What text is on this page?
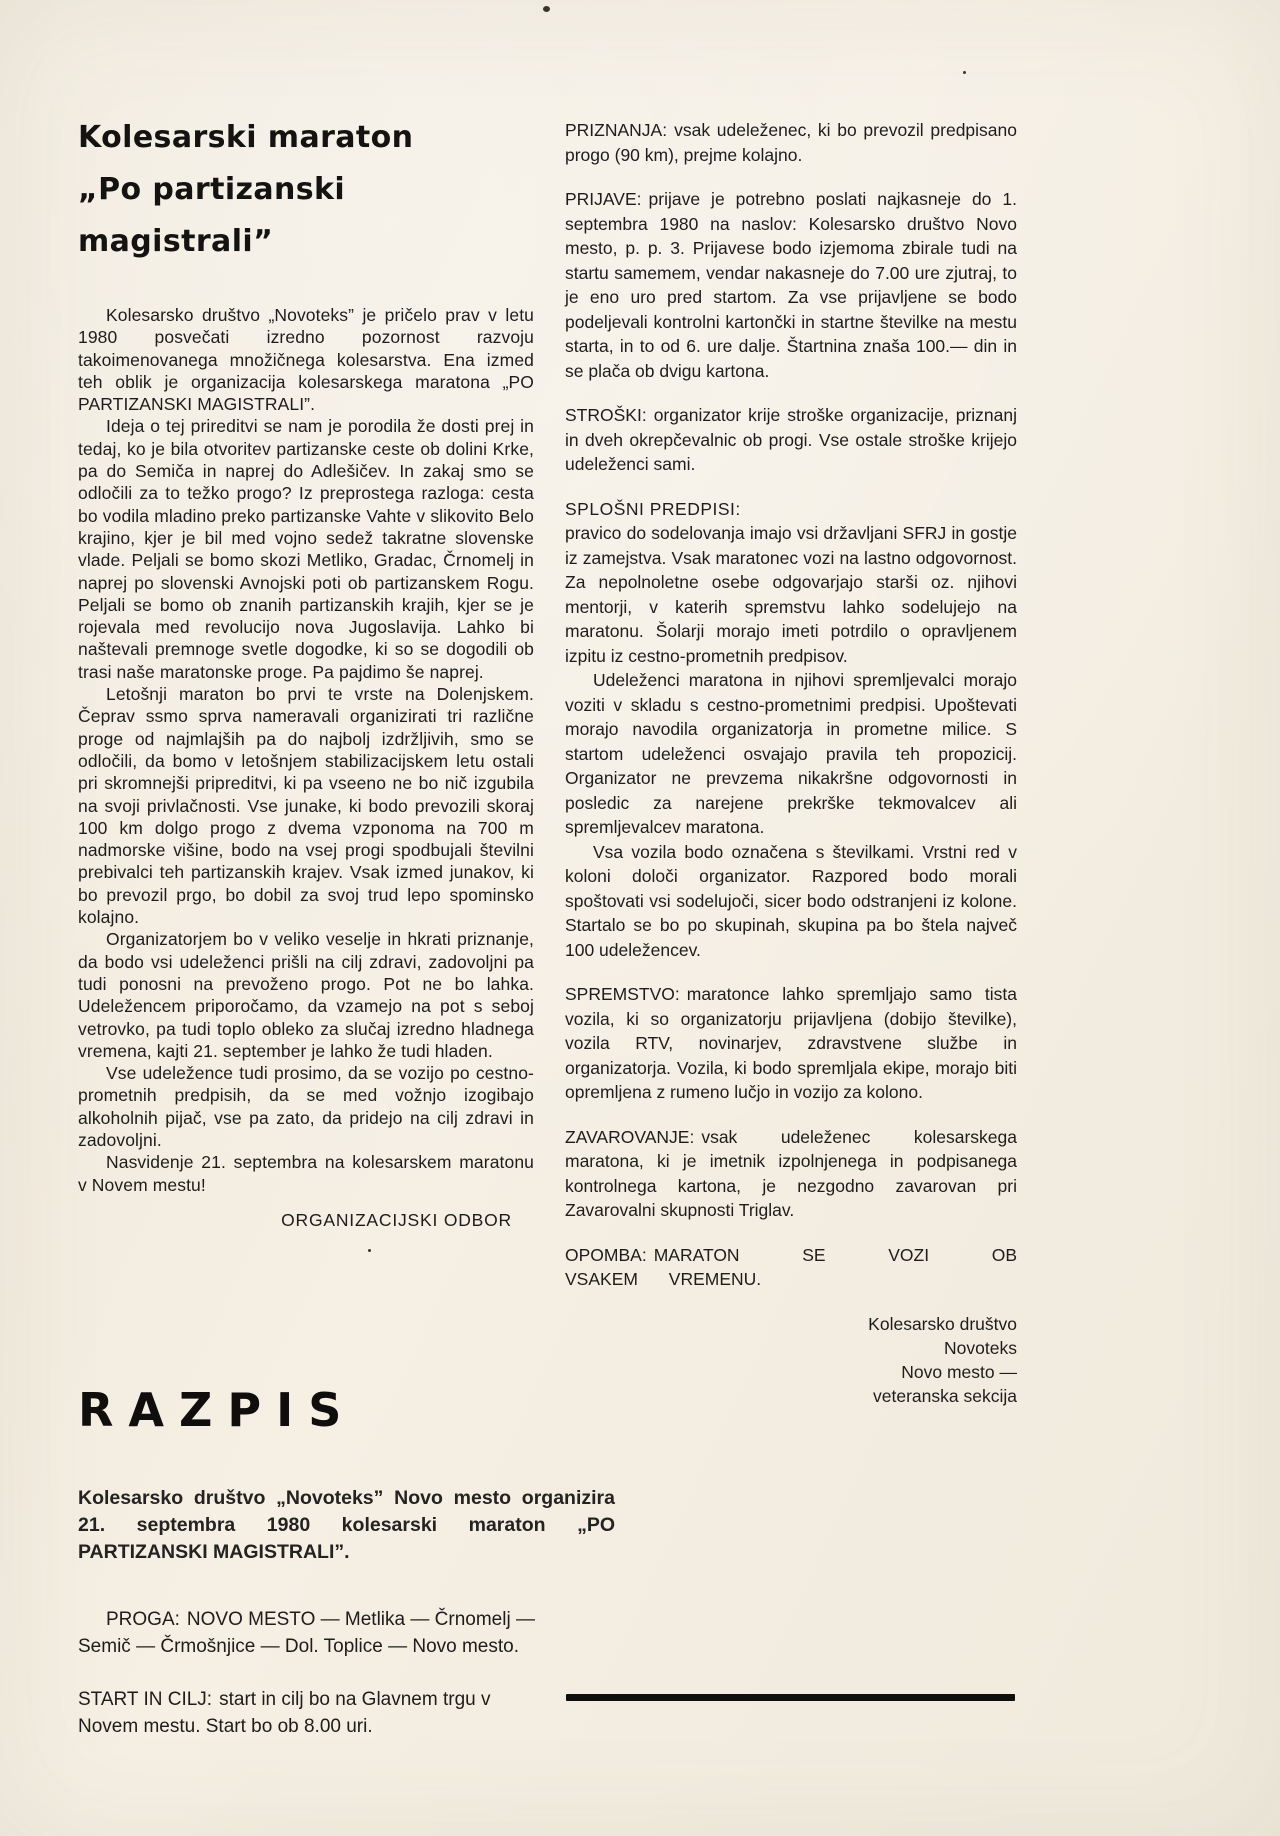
Kolesarski maraton
„Po partizanski magistrali”

Kolesarsko društvo „Novoteks” je pričelo prav v letu 1980 posvečati izredno pozornost razvoju takoimenovanega množičnega kolesarstva. Ena izmed teh oblik je organizacija kolesarskega maratona „PO PARTIZANSKI MAGISTRALI”.

Ideja o tej prireditvi se nam je porodila že dosti prej in tedaj, ko je bila otvoritev partizanske ceste ob dolini Krke, pa do Semiča in naprej do Adlešičev. In zakaj smo se odločili za to težko progo? Iz preprostega razloga: cesta bo vodila mladino preko partizanske Vahte v slikovito Belo krajino, kjer je bil med vojno sedež takratne slovenske vlade. Peljali se bomo skozi Metliko, Gradac, Črnomelj in naprej po slovenski Avnojski poti ob partizanskem Rogu. Peljali se bomo ob znanih partizanskih krajih, kjer se je rojevala med revolucijo nova Jugoslavija. Lahko bi naštevali premnoge svetle dogodke, ki so se dogodili ob trasi naše maratonske proge. Pa pajdimo še naprej.

Letošnji maraton bo prvi te vrste na Dolenjskem. Čeprav ssmo sprva nameravali organizirati tri različne proge od najmlajših pa do najbolj izdržljivih, smo se odločili, da bomo v letošnjem stabilizacijskem letu ostali pri skromnejši pripreditvi, ki pa vseeno ne bo nič izgubila na svoji privlačnosti. Vse junake, ki bodo prevozili skoraj 100 km dolgo progo z dvema vzponoma na 700 m nadmorske višine, bodo na vsej progi spodbujali številni prebivalci teh partizanskih krajev. Vsak izmed junakov, ki bo prevozil prgo, bo dobil za svoj trud lepo spominsko kolajno.

Organizatorjem bo v veliko veselje in hkrati priznanje, da bodo vsi udeleženci prišli na cilj zdravi, zadovoljni pa tudi ponosni na prevoženo progo. Pot ne bo lahka. Udeležencem priporočamo, da vzamejo na pot s seboj vetrovko, pa tudi toplo obleko za slučaj izredno hladnega vremena, kajti 21. september je lahko že tudi hladen.

Vse udeležence tudi prosimo, da se vozijo po cestno-prometnih predpisih, da se med vožnjo izogibajo alkoholnih pijač, vse pa zato, da pridejo na cilj zdravi in zadovoljni.

Nasvidenje 21. septembra na kolesarskem maratonu v Novem mestu!

ORGANIZACIJSKI ODBOR

RAZPIS

Kolesarsko društvo „Novoteks” Novo mesto organizira 21. septembra 1980 kolesarski maraton „PO PARTIZANSKI MAGISTRALI”.

PROGA: NOVO MESTO — Metlika — Črnomelj — Semič — Črmošnjice — Dol. Toplice — Novo mesto.

START IN CILJ: start in cilj bo na Glavnem trgu v Novem mestu. Start bo ob 8.00 uri.

PRIZNANJA: vsak udeleženec, ki bo prevozil predpisano progo (90 km), prejme kolajno.

PRIJAVE: prijave je potrebno poslati najkasneje do 1. septembra 1980 na naslov: Kolesarsko društvo Novo mesto, p. p. 3. Prijavese bodo izjemoma zbirale tudi na startu samemem, vendar nakasneje do 7.00 ure zjutraj, to je eno uro pred startom. Za vse prijavljene se bodo podeljevali kontrolni kartončki in startne številke na mestu starta, in to od 6. ure dalje. Štartnina znaša 100.— din in se plača ob dvigu kartona.

STROŠKI: organizator krije stroške organizacije, priznanj in dveh okrepčevalnic ob progi. Vse ostale stroške krijejo udeleženci sami.

SPLOŠNI PREDPISI:

pravico do sodelovanja imajo vsi državljani SFRJ in gostje iz zamejstva. Vsak maratonec vozi na lastno odgovornost. Za nepolnoletne osebe odgovarjajo starši oz. njihovi mentorji, v katerih spremstvu lahko sodelujejo na maratonu. Šolarji morajo imeti potrdilo o opravljenem izpitu iz cestno-prometnih predpisov.

Udeleženci maratona in njihovi spremljevalci morajo voziti v skladu s cestno-prometnimi predpisi. Upoštevati morajo navodila organizatorja in prometne milice. S startom udeleženci osvajajo pravila teh propozicij. Organizator ne prevzema nikakršne odgovornosti in posledic za narejene prekrške tekmovalcev ali spremljevalcev maratona.

Vsa vozila bodo označena s številkami. Vrstni red v koloni določi organizator. Razpored bodo morali spoštovati vsi sodelujoči, sicer bodo odstranjeni iz kolone. Startalo se bo po skupinah, skupina pa bo štela največ 100 udeležencev.

SPREMSTVO: maratonce lahko spremljajo samo tista vozila, ki so organizatorju prijavljena (dobijo številke), vozila RTV, novinarjev, zdravstvene službe in organizatorja. Vozila, ki bodo spremljala ekipe, morajo biti opremljena z rumeno lučjo in vozijo za kolono.

ZAVAROVANJE: vsak udeleženec kolesarskega maratona, ki je imetnik izpolnjenega in podpisanega kontrolnega kartona, je nezgodno zavarovan pri Zavarovalni skupnosti Triglav.

OPOMBA: MARATON SE VOZI OB VSAKEM VREMENU.

Kolesarsko društvo
Novoteks
Novo mesto —
veteranska sekcija
